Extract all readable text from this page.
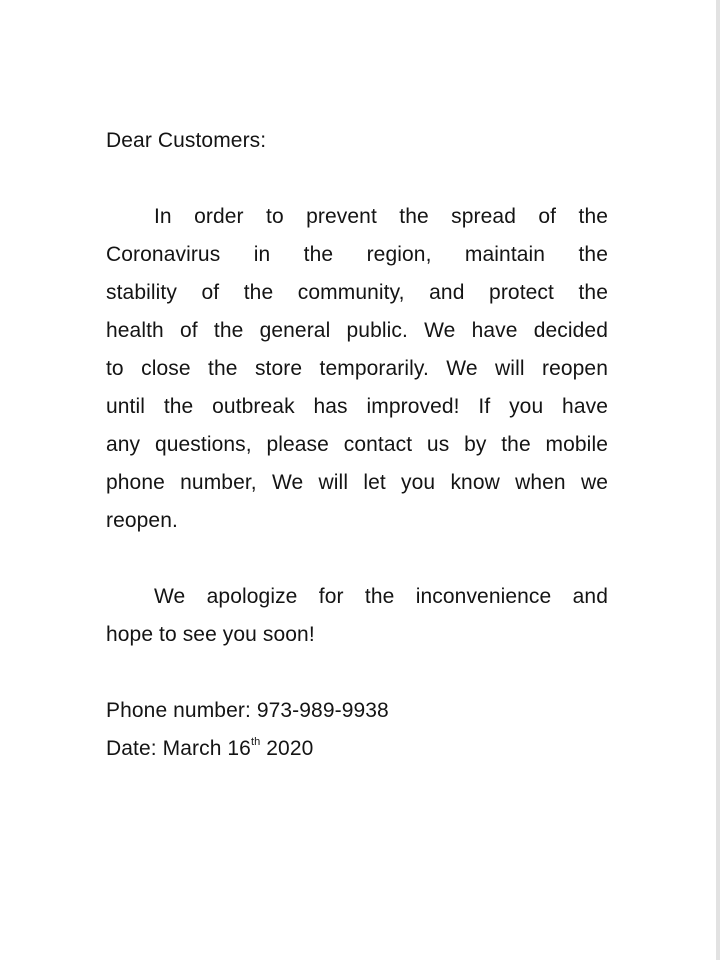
Dear Customers:
In order to prevent the spread of the
Coronavirus in the region, maintain the
stability of the community, and protect the
health of the general public. We have decided
to close the store temporarily. We will reopen
until the outbreak has improved! If you have
any questions, please contact us by the mobile
phone number, We will let you know when we
reopen.
We apologize for the inconvenience and
hope to see you soon!
Phone number: 973-989-9938
Date: March 16th 2020
